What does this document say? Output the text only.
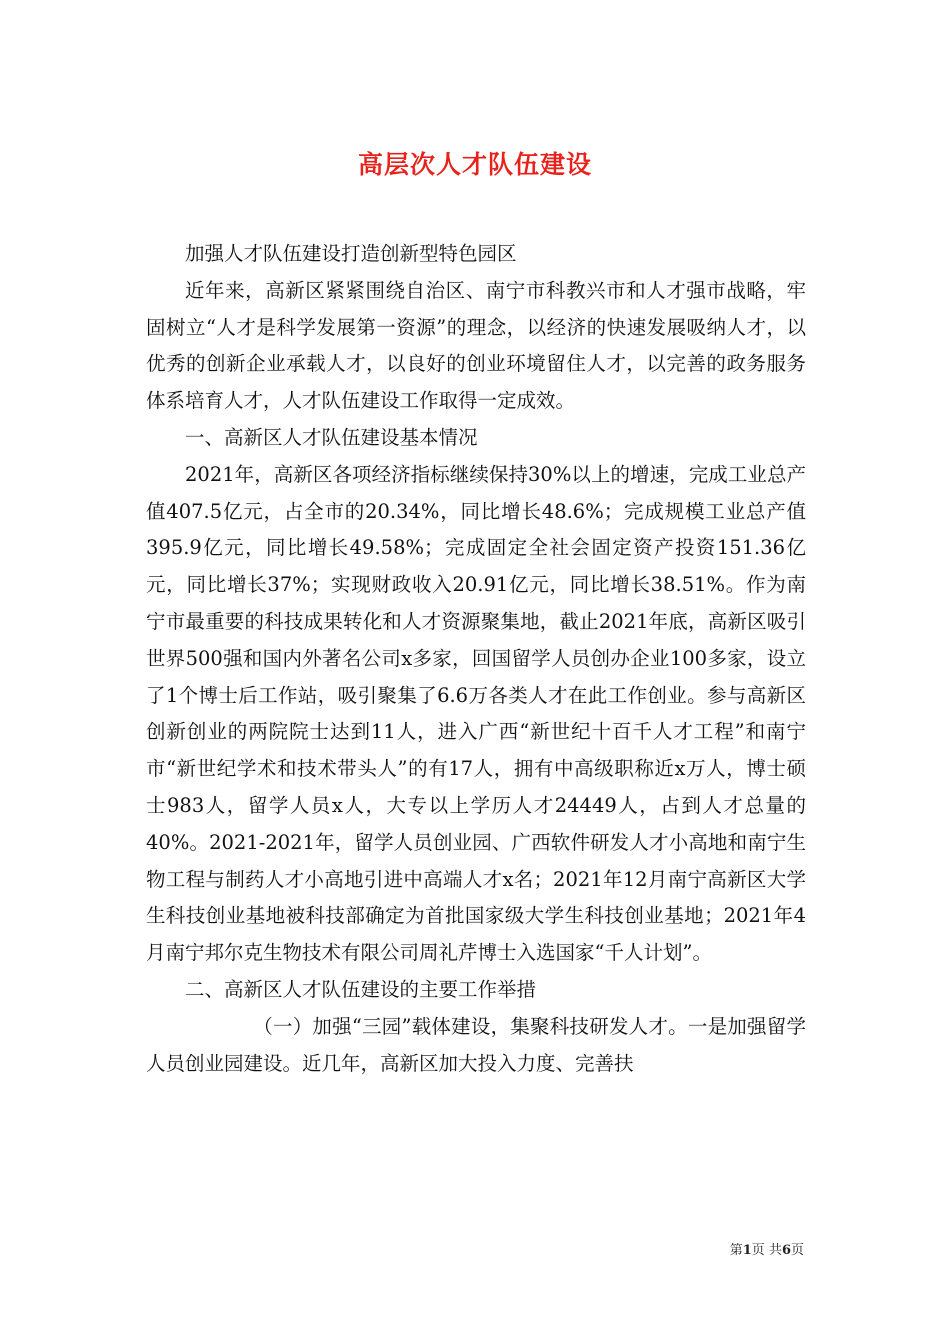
高层次人才队伍建设

加强人才队伍建设打造创新型特色园区

近年来，高新区紧紧围绕自治区、南宁市科教兴市和人才强市战略，牢固树立“人才是科学发展第一资源”的理念，以经济的快速发展吸纳人才，以优秀的创新企业承载人才，以良好的创业环境留住人才，以完善的政务服务体系培育人才，人才队伍建设工作取得一定成效。

一、高新区人才队伍建设基本情况

2021年，高新区各项经济指标继续保持30%以上的增速，完成工业总产值407.5亿元，占全市的20.34%，同比增长48.6%；完成规模工业总产值395.9亿元，同比增长49.58%；完成固定全社会固定资产投资151.36亿元，同比增长37%；实现财政收入20.91亿元，同比增长38.51%。作为南宁市最重要的科技成果转化和人才资源聚集地，截止2021年底，高新区吸引世界500强和国内外著名公司x多家，回国留学人员创办企业100多家，设立了1个博士后工作站，吸引聚集了6.6万各类人才在此工作创业。参与高新区创新创业的两院院士达到11人，进入广西“新世纪十百千人才工程”和南宁市“新世纪学术和技术带头人”的有17人，拥有中高级职称近x万人，博士硕士983人，留学人员x人，大专以上学历人才24449人，占到人才总量的40%。2021-2021年，留学人员创业园、广西软件研发人才小高地和南宁生物工程与制药人才小高地引进中高端人才x名；2021年12月南宁高新区大学生科技创业基地被科技部确定为首批国家级大学生科技创业基地；2021年4月南宁邦尔克生物技术有限公司周礼芹博士入选国家“千人计划”。

二、高新区人才队伍建设的主要工作举措

（一）加强“三园”载体建设，集聚科技研发人才。一是加强留学人员创业园建设。近几年，高新区加大投入力度、完善扶

第1页 共6页
